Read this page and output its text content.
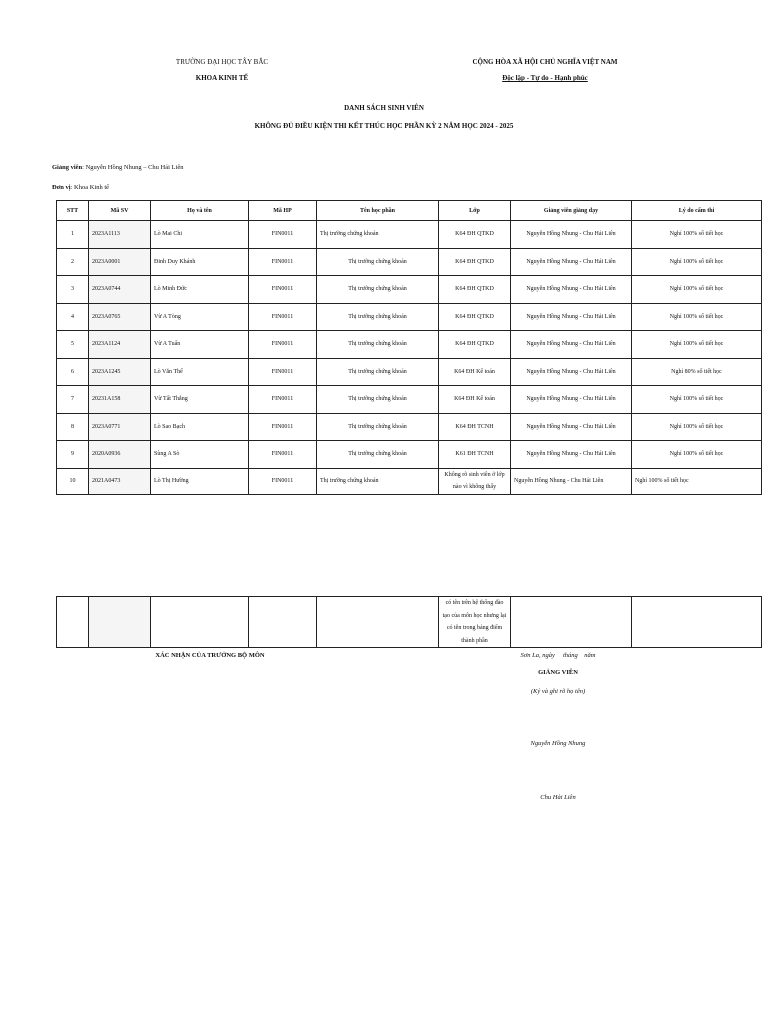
TRƯỜNG ĐẠI HỌC TÂY BẮC
KHOA KINH TẾ
CỘNG HÒA XÃ HỘI CHỦ NGHĨA VIỆT NAM
Độc lập - Tự do - Hạnh phúc
DANH SÁCH SINH VIÊN
KHÔNG ĐỦ ĐIỀU KIỆN THI KẾT THÚC HỌC PHẦN KỲ 2 NĂM HỌC 2024 - 2025
Giảng viên: Nguyễn Hồng Nhung – Chu Hải Liên
Đơn vị: Khoa Kinh tế
STT	Mã SV	Họ và tên	Mã HP	Tên học phần	Lớp	Giảng viên giảng dạy	Lý do cấm thi
1	2023A1113	Lò Mai Chi	FIN0011	Thị trường chứng khoán	K64 ĐH QTKD	Nguyễn Hồng Nhung - Chu Hải Liên	Nghỉ 100% số tiết học
2	2023A0001	Đinh Duy Khánh	FIN0011	Thị trường chứng khoán	K64 ĐH QTKD	Nguyễn Hồng Nhung - Chu Hải Liên	Nghỉ 100% số tiết học
3	2023A0744	Lò Minh Đức	FIN0011	Thị trường chứng khoán	K64 ĐH QTKD	Nguyễn Hồng Nhung - Chu Hải Liên	Nghỉ 100% số tiết học
4	2023A0765	Vừ A Tòng	FIN0011	Thị trường chứng khoán	K64 ĐH QTKD	Nguyễn Hồng Nhung - Chu Hải Liên	Nghỉ 100% số tiết học
5	2023A1124	Vừ A Tuấn	FIN0011	Thị trường chứng khoán	K64 ĐH QTKD	Nguyễn Hồng Nhung - Chu Hải Liên	Nghỉ 100% số tiết học
6	2023A1245	Lò Văn Thế	FIN0011	Thị trường chứng khoán	K64 ĐH Kế toán	Nguyễn Hồng Nhung - Chu Hải Liên	Nghỉ 80% số tiết học
7	20231A158	Vừ Tất Thắng	FIN0011	Thị trường chứng khoán	K64 ĐH Kế toán	Nguyễn Hồng Nhung - Chu Hải Liên	Nghỉ 100% số tiết học
8	2023A0771	Lò Sao Bạch	FIN0011	Thị trường chứng khoán	K64 ĐH TCNH	Nguyễn Hồng Nhung - Chu Hải Liên	Nghỉ 100% số tiết học
9	2020A0936	Sùng A Sò	FIN0011	Thị trường chứng khoán	K61 ĐH TCNH	Nguyễn Hồng Nhung - Chu Hải Liên	Nghỉ 100% số tiết học
10	2021A0473	Lò Thị Hường	FIN0011	Thị trường chứng khoán	Không rõ sinh viên ở lớp nào vì không thấy	Nguyễn Hồng Nhung - Chu Hải Liên	Nghỉ 100% số tiết học
					có tên trên hệ thống đào tạo của môn học nhưng lại có tên trong bảng điểm thành phần		
XÁC NHẬN CỦA TRƯỞNG BỘ MÔN	Sơn La, ngày tháng năm
GIẢNG VIÊN
(Ký và ghi rõ họ tên)
Nguyễn Hồng Nhung
Chu Hải Liên
